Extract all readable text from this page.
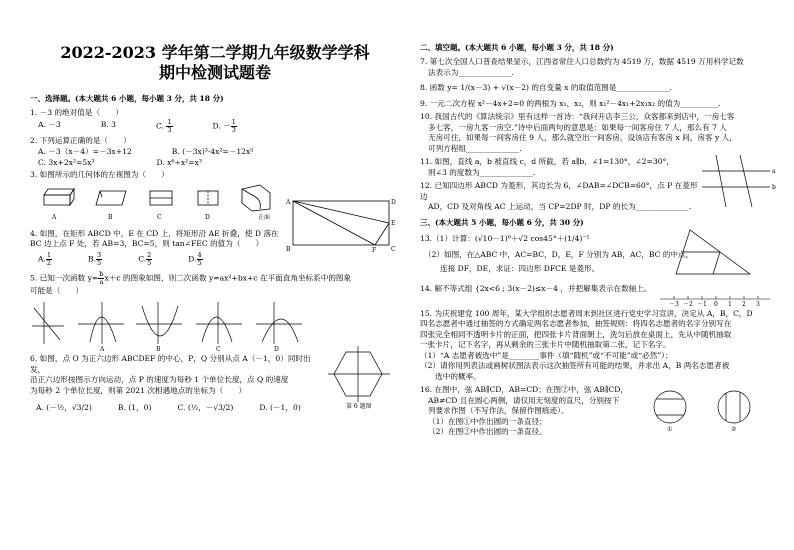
2022-2023 学年第二学期九年级数学学科

期中检测试题卷

一、选择题。(本大题共 6 小题，每小题 3 分，共 18 分)

1. －3 的绝对值是（　　）

A. －3	B. 3	C. $\frac{1}{3}$	D. － $\frac{1}{3}$

2. 下列运算正确的是（　　）

A. －3（x－4）=－3x+12	B. (－3x)³·4x²=－12x⁵
C. 3x+2x²=5x³	D. x⁶÷x²=x³

3. 如图所示的几何体的左视图为（　　）

A	B	C	D	正面

4. 如图，在矩形 ABCD 中，E 在 CD 上，将矩形沿 AE 折叠，使 D 落在

BC 边上点 F 处，若 AB=3，BC=5，则 tan∠FEC 的值为（　　）

A. $\frac{1}{2}$	B. $\frac{3}{5}$	C. $\frac{2}{5}$	D. $\frac{4}{5}$
A	D
E
B	F C

5. 已知一次函数 $y= \frac{b}{a} x+c$ 的图象如图，则二次函数 y=ax²+bx+c 在平面直角坐标系中的图象

可能是（　　）

A	B	C	D

6. 如图，点 O 为正六边形 ABCDEF 的中心，P，Q 分别从点 A（－1，0）同时出发，

沿正六边形按图示方向运动，点 P 的速度为每秒 1 个单位长度，点 Q 的速度

为每秒 2 个单位长度，则第 2021 次相遇地点的坐标为（　　）

A. (－½，√3/2)	B. (1，0)	C. (½，－√3/2)	D. (－1，0)	第 6 题图

二、填空题。(本大题共 6 小题，每小题 3 分，共 18 分)

7. 第七次全国人口普查结果显示，江西省常住人口总数约为 4519 万，数据 4519 万用科学记数

法表示为______________.

8. 函数 y= 1/(x－3) + √(x－2) 的自变量 x 的取值范围是______________.

9. 一元二次方程 x²－4x+2=0 的两根为 x₁，x₂，则 x₁²－4x₁+2x₁x₂ 的值为__________.

10. 我国古代的《算法统宗》里有这样一首诗：“我问开店李三公，众客都来到店中，一房七客

多七客，一房九客一房空.”诗中后面两句的意思是：如果每一间客房住 7 人，那么有 7 人

无房可住，如果每一间客房住 9 人，那么就空出一间客房，设该店有客房 x 间，房客 y 人，

可列方程组______________.

11. 如图，直线 a，b 被直线 c，d 所截，若 a∥b，∠1=130°，∠2=30°，

则∠3 的度数为______________.	a
b

12. 已知四边形 ABCD 为菱形，其边长为 6，∠DAB=∠DCB=60°，点 P 在菱形边

AD，CD 及对角线 AC 上运动，当 CP=2DP 时，DP 的长为______________.

三、(本大题共 5 小题，每小题 6 分，共 30 分)

13.（1）计算：(√10－1)⁰＋√2 cos45°＋(1/4)⁻¹

（2）如图，在△ABC 中，AC=BC，D，E，F 分别为 AB，AC，BC 的中点，

连接 DF，DE，求证：四边形 DFCE 是菱形。

14. 解不等式组 {2x<6 ; 3(x－2)≤x－4 ，并把解集表示在数轴上。

－3 －2 －1 0 1 2 3

15. 为庆祝建党 100 周年，某大学组织志愿者周末到社区进行党史学习宣讲，决定从 A，B，C，D

四名志愿者中通过抽签的方式确定两名志愿者参加，抽签规则：将四名志愿者的名字分别写在

四张完全相同不透明卡片的正面，把四张卡片背面朝上，洗匀后放在桌面上，先从中随机抽取

一张卡片，记下名字，再从剩余的三张卡片中随机抽取第二张，记下名字。

（1）“A 志愿者被选中”是________事件（填“随机”或“不可能”或“必然”）；

（2）请你用列表法或画树状图法表示这次抽签所有可能的结果，并求出 A，B 两名志愿者被

　　选中的概率。

16. 在图中，弦 AB∥CD，AB=CD；在图②中，弦 AB∥CD，

AB≠CD 且在圆心两侧，请仅用无刻度的直尺，分别按下

列要求作图（不写作法，保留作图痕迹）。

（1）在图①中作出圆的一条直径；

（2）在图②中作出圆的一条直径。	①	②
